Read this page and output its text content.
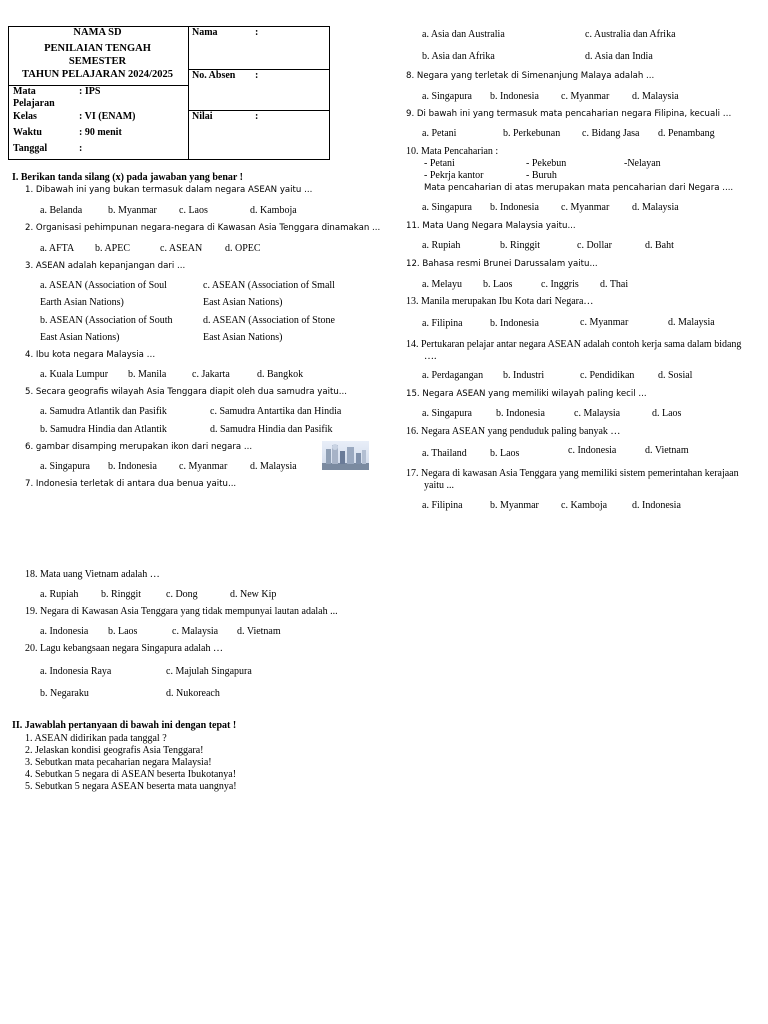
NAMA SD
PENILAIAN TENGAH
SEMESTER
TAHUN PELAJARAN 2024/2025
Mata
Pelajaran
: IPS
Kelas	: VI (ENAM)
Waktu	: 90 menit
Tanggal	:
Nama	:
No. Absen :
Nilai	:
I. Berikan tanda silang (x) pada jawaban yang benar !
1. Dibawah ini yang bukan termasuk dalam negara ASEAN yaitu ...
a. Belanda	b. Myanmar c. Laos	d. Kamboja
2. Organisasi pehimpunan negara-negara di Kawasan Asia Tenggara dinamakan ...
a. AFTA b. APEC	c. ASEAN d. OPEC
3. ASEAN adalah kepanjangan dari ...
a. ASEAN (Association of Soul
Earth Asian Nations)
c. ASEAN (Association of Small
East Asian Nations)
b. ASEAN (Association of South
East Asian Nations)
d. ASEAN (Association of Stone
East Asian Nations)
4. Ibu kota negara Malaysia …
a. Kuala Lumpur b. Manila	c. Jakarta	d. Bangkok
5. Secara geografis wilayah Asia Tenggara diapit oleh dua samudra yaitu...
a. Samudra Atlantik dan Pasifik	c. Samudra Antartika dan Hindia
b. Samudra Hindia dan Atlantik	d. Samudra Hindia dan Pasifik
6. gambar disamping merupakan ikon dari negara ...
a. Singapura b. Indonesia c. Myanmar d. Malaysia
7. Indonesia terletak di antara dua benua yaitu...
a. Asia dan Australia	c. Australia dan Afrika
b. Asia dan Afrika	d. Asia dan India
8. Negara yang terletak di Simenanjung Malaya adalah ...
a. Singapura b. Indonesia c. Myanmar d. Malaysia
9. Di bawah ini yang termasuk mata pencaharian negara Filipina, kecuali …
a. Petani	b. Perkebunan c. Bidang Jasa d. Penambang
10. Mata Pencaharian :
- Petani	- Pekebun	-Nelayan
- Pekrja kantor	- Buruh
Mata pencaharian di atas merupakan mata pencaharian dari Negara ....
a. Singapura b. Indonesia c. Myanmar d. Malaysia
11. Mata Uang Negara Malaysia yaitu...
a. Rupiah	b. Ringgit	c. Dollar	d. Baht
12. Bahasa resmi Brunei Darussalam yaitu...
a. Melayu b. Laos	c. Inggris d. Thai
13. Manila merupakan Ibu Kota dari Negara…
a. Filipina	b. Indonesia	c. Myanmar	d. Malaysia
14. Pertukaran pelajar antar negara ASEAN adalah contoh kerja sama dalam bidang
….
a. Perdagangan b. Industri	c. Pendidikan d. Sosial
15. Negara ASEAN yang memiliki wilayah paling kecil ...
a. Singapura b. Indonesia	c. Malaysia	d. Laos
16. Negara ASEAN yang penduduk paling banyak …
a. Thailand b. Laos	c. Indonesia	d. Vietnam
17. Negara di kawasan Asia Tenggara yang memiliki sistem pemerintahan kerajaan
yaitu ...
a. Filipina	b. Myanmar c. Kamboja d. Indonesia
18. Mata uang Vietnam adalah …
a. Rupiah b. Ringgit c. Dong	d. New Kip
19. Negara di Kawasan Asia Tenggara yang tidak mempunyai lautan adalah ...
a. Indonesia b. Laos	c. Malaysia d. Vietnam
20. Lagu kebangsaan negara Singapura adalah …
a. Indonesia Raya	c. Majulah Singapura
b. Negaraku	d. Nukoreach
II. Jawablah pertanyaan di bawah ini dengan tepat !
1. ASEAN didirikan pada tanggal ?
2. Jelaskan kondisi geografis Asia Tenggara!
3. Sebutkan mata pecaharian negara Malaysia!
4. Sebutkan 5 negara di ASEAN beserta Ibukotanya!
5. Sebutkan 5 negara ASEAN beserta mata uangnya!
